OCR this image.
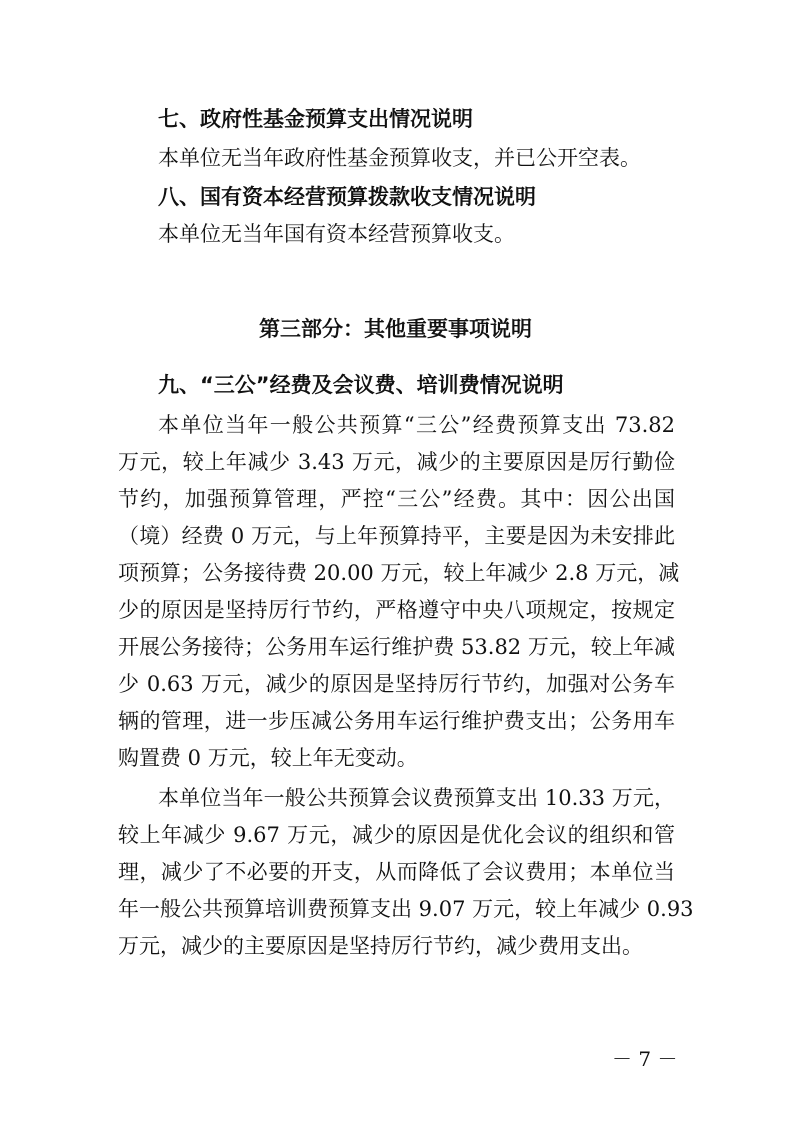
七、政府性基金预算支出情况说明
本单位无当年政府性基金预算收支，并已公开空表。
八、国有资本经营预算拨款收支情况说明
本单位无当年国有资本经营预算收支。
第三部分：其他重要事项说明
九、“三公”经费及会议费、培训费情况说明
本单位当年一般公共预算“三公”经费预算支出 73.82
万元，较上年减少 3.43 万元，减少的主要原因是厉行勤俭
节约，加强预算管理，严控“三公”经费。其中：因公出国
（境）经费 0 万元，与上年预算持平，主要是因为未安排此
项预算；公务接待费 20.00 万元，较上年减少 2.8 万元，减
少的原因是坚持厉行节约，严格遵守中央八项规定，按规定
开展公务接待；公务用车运行维护费 53.82 万元，较上年减
少 0.63 万元，减少的原因是坚持厉行节约，加强对公务车
辆的管理，进一步压减公务用车运行维护费支出；公务用车
购置费 0 万元，较上年无变动。
本单位当年一般公共预算会议费预算支出 10.33 万元，
较上年减少 9.67 万元，减少的原因是优化会议的组织和管
理，减少了不必要的开支，从而降低了会议费用；本单位当
年一般公共预算培训费预算支出 9.07 万元，较上年减少 0.93
万元，减少的主要原因是坚持厉行节约，减少费用支出。
－ 7 －
